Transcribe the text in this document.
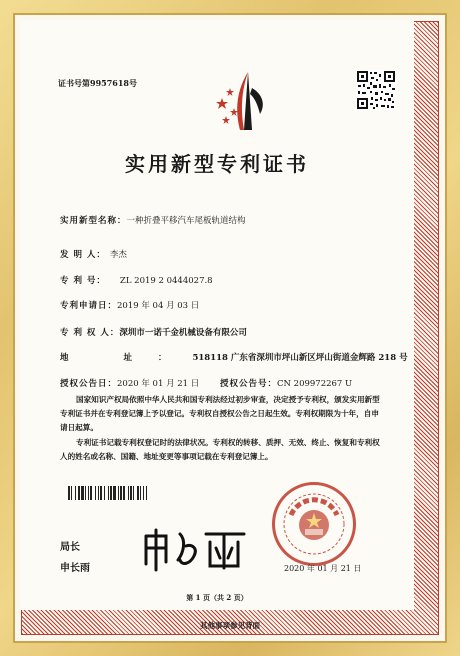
证书号第9957618号
实用新型专利证书
实用新型名称：一种折叠平移汽车尾板轨道结构
发 明 人： 李杰
专 利 号： ZL 2019 2 0444027.8
专利申请日：2019 年 04 月 03 日
专 利 权 人：深圳市一诺千金机械设备有限公司
地 址：518118 广东省深圳市坪山新区坪山街道金辉路 218 号
授权公告日：2020 年 01 月 21 日 授权公告号：CN 209972267 U
国家知识产权局依照中华人民共和国专利法经过初步审查，决定授予专利权，颁发实用新型专利证书并在专利登记簿上予以登记。专利权自授权公告之日起生效。专利权期限为十年，自申请日起算。
专利证书记载专利权登记时的法律状况。专利权的转移、质押、无效、终止、恢复和专利权人的姓名或名称、国籍、地址变更等事项记载在专利登记簿上。
局长
申长雨	2020 年 01 月 21 日
第 1 页（共 2 页）
其他事项参见背面
